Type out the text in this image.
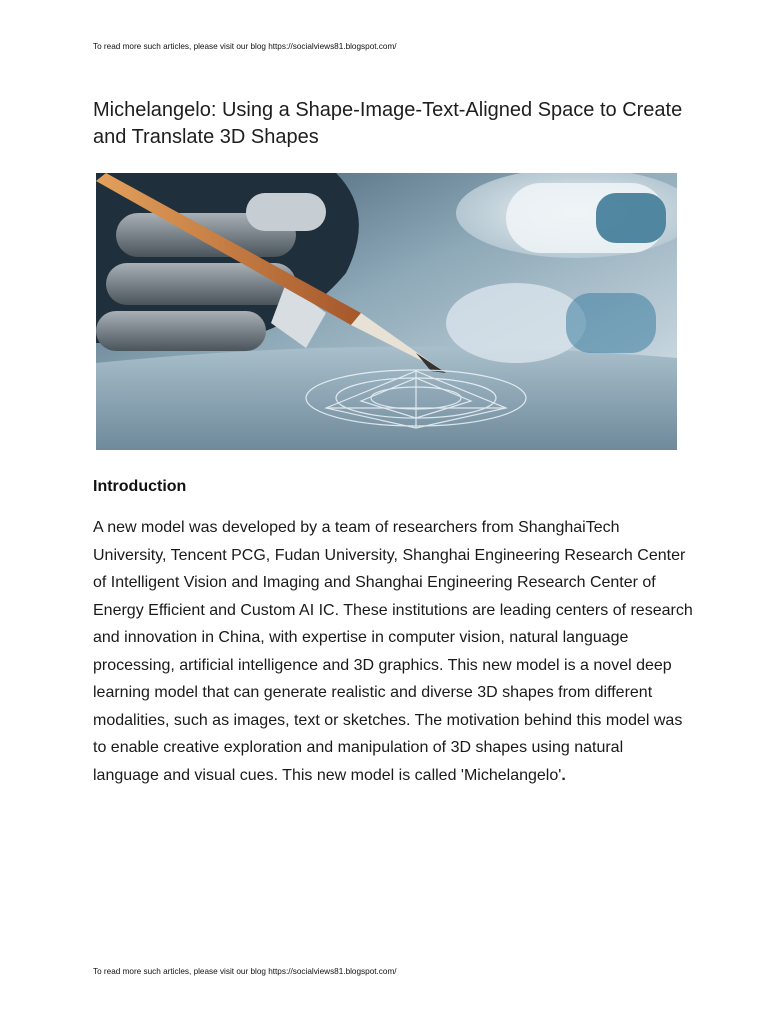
To read more such articles, please visit our blog https://socialviews81.blogspot.com/
Michelangelo: Using a Shape-Image-Text-Aligned Space to Create and Translate 3D Shapes
Introduction

A new model was developed by a team of researchers from ShanghaiTech University, Tencent PCG, Fudan University, Shanghai Engineering Research Center of Intelligent Vision and Imaging and Shanghai Engineering Research Center of Energy Efficient and Custom AI IC. These institutions are leading centers of research and innovation in China, with expertise in computer vision, natural language processing, artificial intelligence and 3D graphics. This new model is a novel deep learning model that can generate realistic and diverse 3D shapes from different modalities, such as images, text or sketches. The motivation behind this model was to enable creative exploration and manipulation of 3D shapes using natural language and visual cues. This new model is called 'Michelangelo'.

To read more such articles, please visit our blog https://socialviews81.blogspot.com/
